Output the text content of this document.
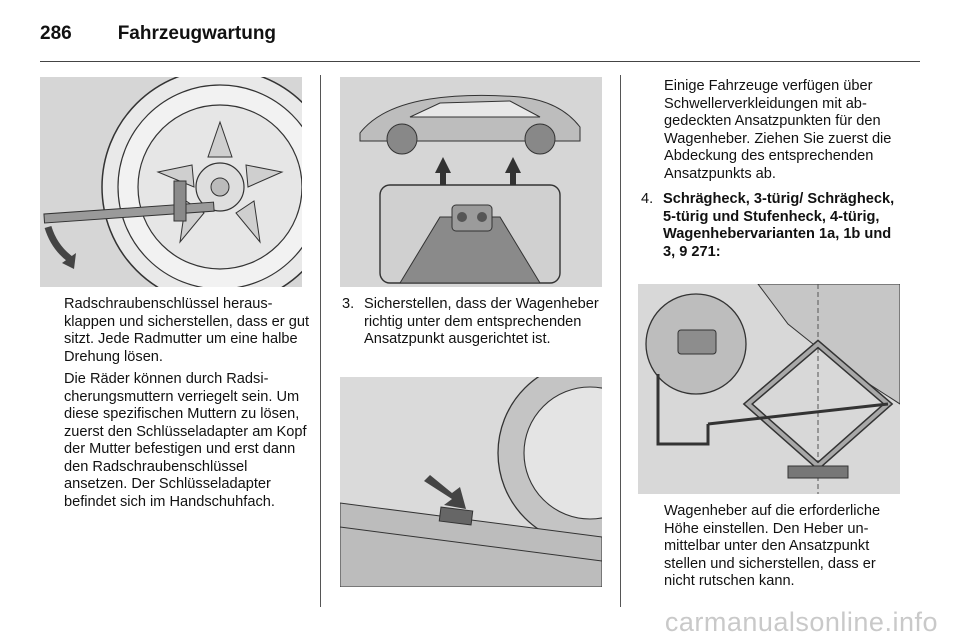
286 Fahrzeugwartung

Radschraubenschlüssel herausklappen und sicherstellen, dass er gut sitzt. Jede Radmutter um eine halbe Drehung lösen.

Die Räder können durch Radsicherungsmuttern verriegelt sein. Um diese spezifischen Muttern zu lösen, zuerst den Schlüsseladapter am Kopf der Mutter befestigen und erst dann den Radschraubenschlüssel ansetzen. Der Schlüsseladapter befindet sich im Handschuhfach.

3. Sicherstellen, dass der Wagenheber richtig unter dem entsprechenden Ansatzpunkt ausgerichtet ist.
Einige Fahrzeuge verfügen über Schwellerverkleidungen mit abgedeckten Ansatzpunkten für den Wagenheber. Ziehen Sie zuerst die Abdeckung des entsprechenden Ansatzpunkts ab.
4. Schrägheck, 3-türig/ Schrägheck, 5-türig und Stufenheck, 4-türig, Wagenhebervarianten 1a, 1b und 3, 9 271:
Wagenheber auf die erforderliche Höhe einstellen. Den Heber unmittelbar unter den Ansatzpunkt stellen und sicherstellen, dass er nicht rutschen kann.
carmanualsonline.info
